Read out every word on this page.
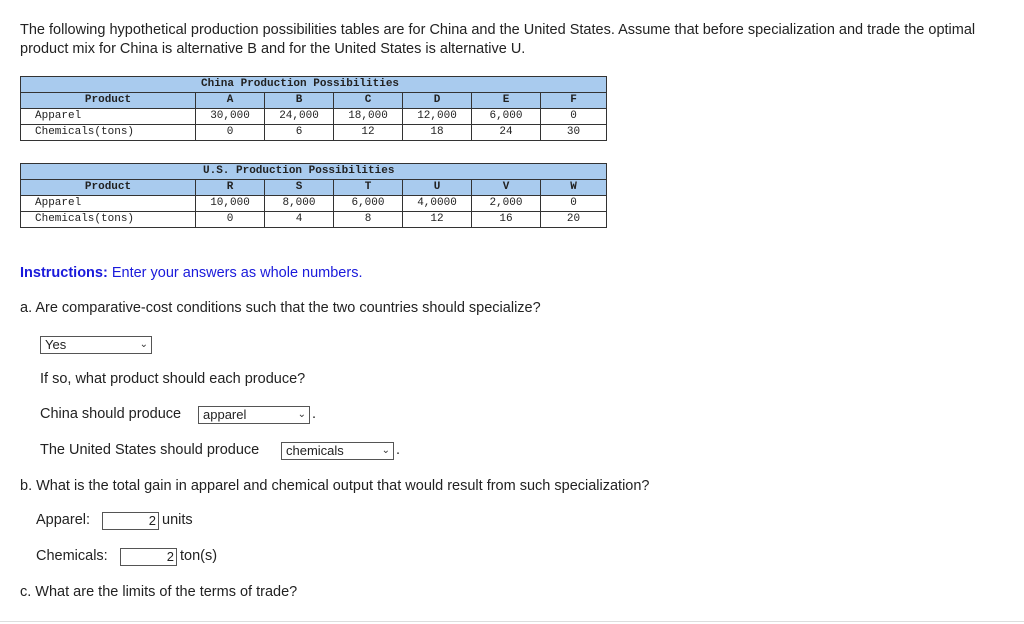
The following hypothetical production possibilities tables are for China and the United States. Assume that before specialization and trade the optimal product mix for China is alternative B and for the United States is alternative U.
China Production Possibilities						
Product	A	B	C	D	E	F
Apparel	30,000	24,000	18,000	12,000	6,000	0
Chemicals(tons)	0	6	12	18	24	30
U.S. Production Possibilities						
Product	R	S	T	U	V	W
Apparel	10,000	8,000	6,000	4,0000	2,000	0
Chemicals(tons)	0	4	8	12	16	20
Instructions: Enter your answers as whole numbers.
a. Are comparative-cost conditions such that the two countries should specialize?
Yes	⌄
If so, what product should each produce?
China should produce	apparel	⌄ .
The United States should produce	chemicals	⌄ .
b. What is the total gain in apparel and chemical output that would result from such specialization?
Apparel:	2 units
Chemicals:	2 ton(s)
c. What are the limits of the terms of trade?
